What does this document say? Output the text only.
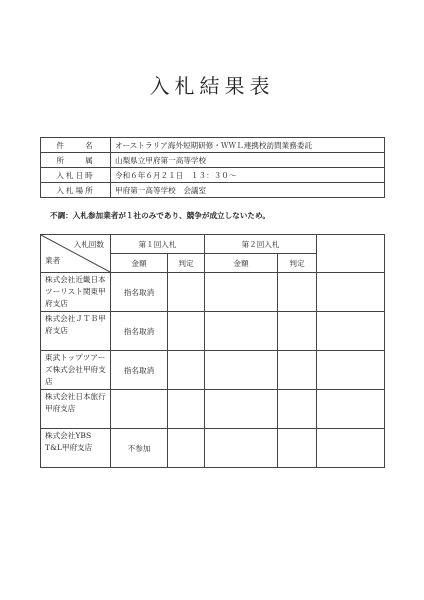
入札結果表
件　　名	オーストラリア海外短期研修・ＷＷＬ連携校訪問業務委託
所　　属	山梨県立甲府第一高等学校
入札日時	令和６年６月２１日　１３：３０～
入札場所	甲府第一高等学校　会議室
不調：入札参加業者が１社のみであり、競争が成立しないため。
入札回数
業者	第１回入札		第２回入札		
	金額	判定	金額	判定	
株式会社近畿日本ツーリスト関東甲府支店	指名取消				
株式会社ＪＴＢ甲府支店	指名取消				
東武トップツアーズ株式会社甲府支店	指名取消				
株式会社日本旅行甲府支店					
株式会社YBS　T&L甲府支店	不参加				
